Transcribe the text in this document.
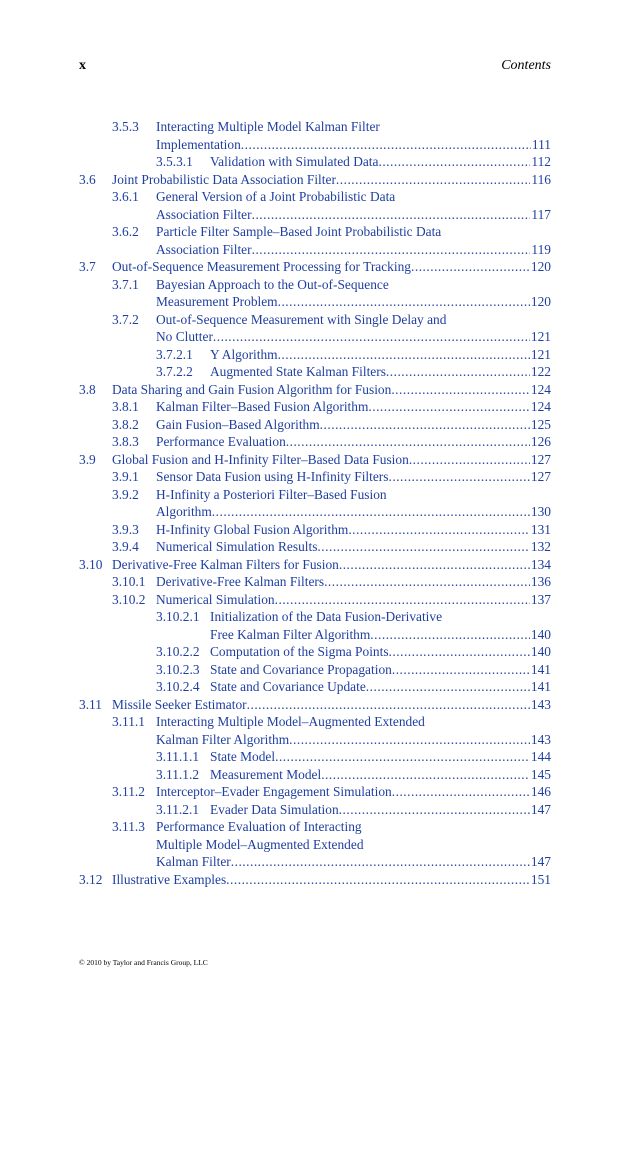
x	Contents
3.5.3 Interacting Multiple Model Kalman Filter
Implementation .....	111
3.5.3.1 Validation with Simulated Data .....	112
3.6 Joint Probabilistic Data Association Filter .....	116
3.6.1 General Version of a Joint Probabilistic Data
Association Filter .....	117
3.6.2 Particle Filter Sample–Based Joint Probabilistic Data
Association Filter .....	119
3.7 Out-of-Sequence Measurement Processing for Tracking .....	120
3.7.1 Bayesian Approach to the Out-of-Sequence
Measurement Problem .....	120
3.7.2 Out-of-Sequence Measurement with Single Delay and
No Clutter .....	121
3.7.2.1 Y Algorithm .....	121
3.7.2.2 Augmented State Kalman Filters .....	122
3.8 Data Sharing and Gain Fusion Algorithm for Fusion .....	124
3.8.1 Kalman Filter–Based Fusion Algorithm .....	124
3.8.2 Gain Fusion–Based Algorithm .....	125
3.8.3 Performance Evaluation .....	126
3.9 Global Fusion and H-Infinity Filter–Based Data Fusion .....	127
3.9.1 Sensor Data Fusion using H-Infinity Filters .....	127
3.9.2 H-Infinity a Posteriori Filter–Based Fusion
Algorithm .....	130
3.9.3 H-Infinity Global Fusion Algorithm .....	131
3.9.4 Numerical Simulation Results .....	132
3.10 Derivative-Free Kalman Filters for Fusion .....	134
3.10.1 Derivative-Free Kalman Filters .....	136
3.10.2 Numerical Simulation .....	137
3.10.2.1 Initialization of the Data Fusion-Derivative
Free Kalman Filter Algorithm .....	140
3.10.2.2 Computation of the Sigma Points .....	140
3.10.2.3 State and Covariance Propagation .....	141
3.10.2.4 State and Covariance Update .....	141
3.11 Missile Seeker Estimator .....	143
3.11.1 Interacting Multiple Model–Augmented Extended
Kalman Filter Algorithm .....	143
3.11.1.1 State Model .....	144
3.11.1.2 Measurement Model .....	145
3.11.2 Interceptor–Evader Engagement Simulation .....	146
3.11.2.1 Evader Data Simulation .....	147
3.11.3 Performance Evaluation of Interacting
Multiple Model–Augmented Extended
Kalman Filter .....	147
3.12 Illustrative Examples .....	151
© 2010 by Taylor and Francis Group, LLC
